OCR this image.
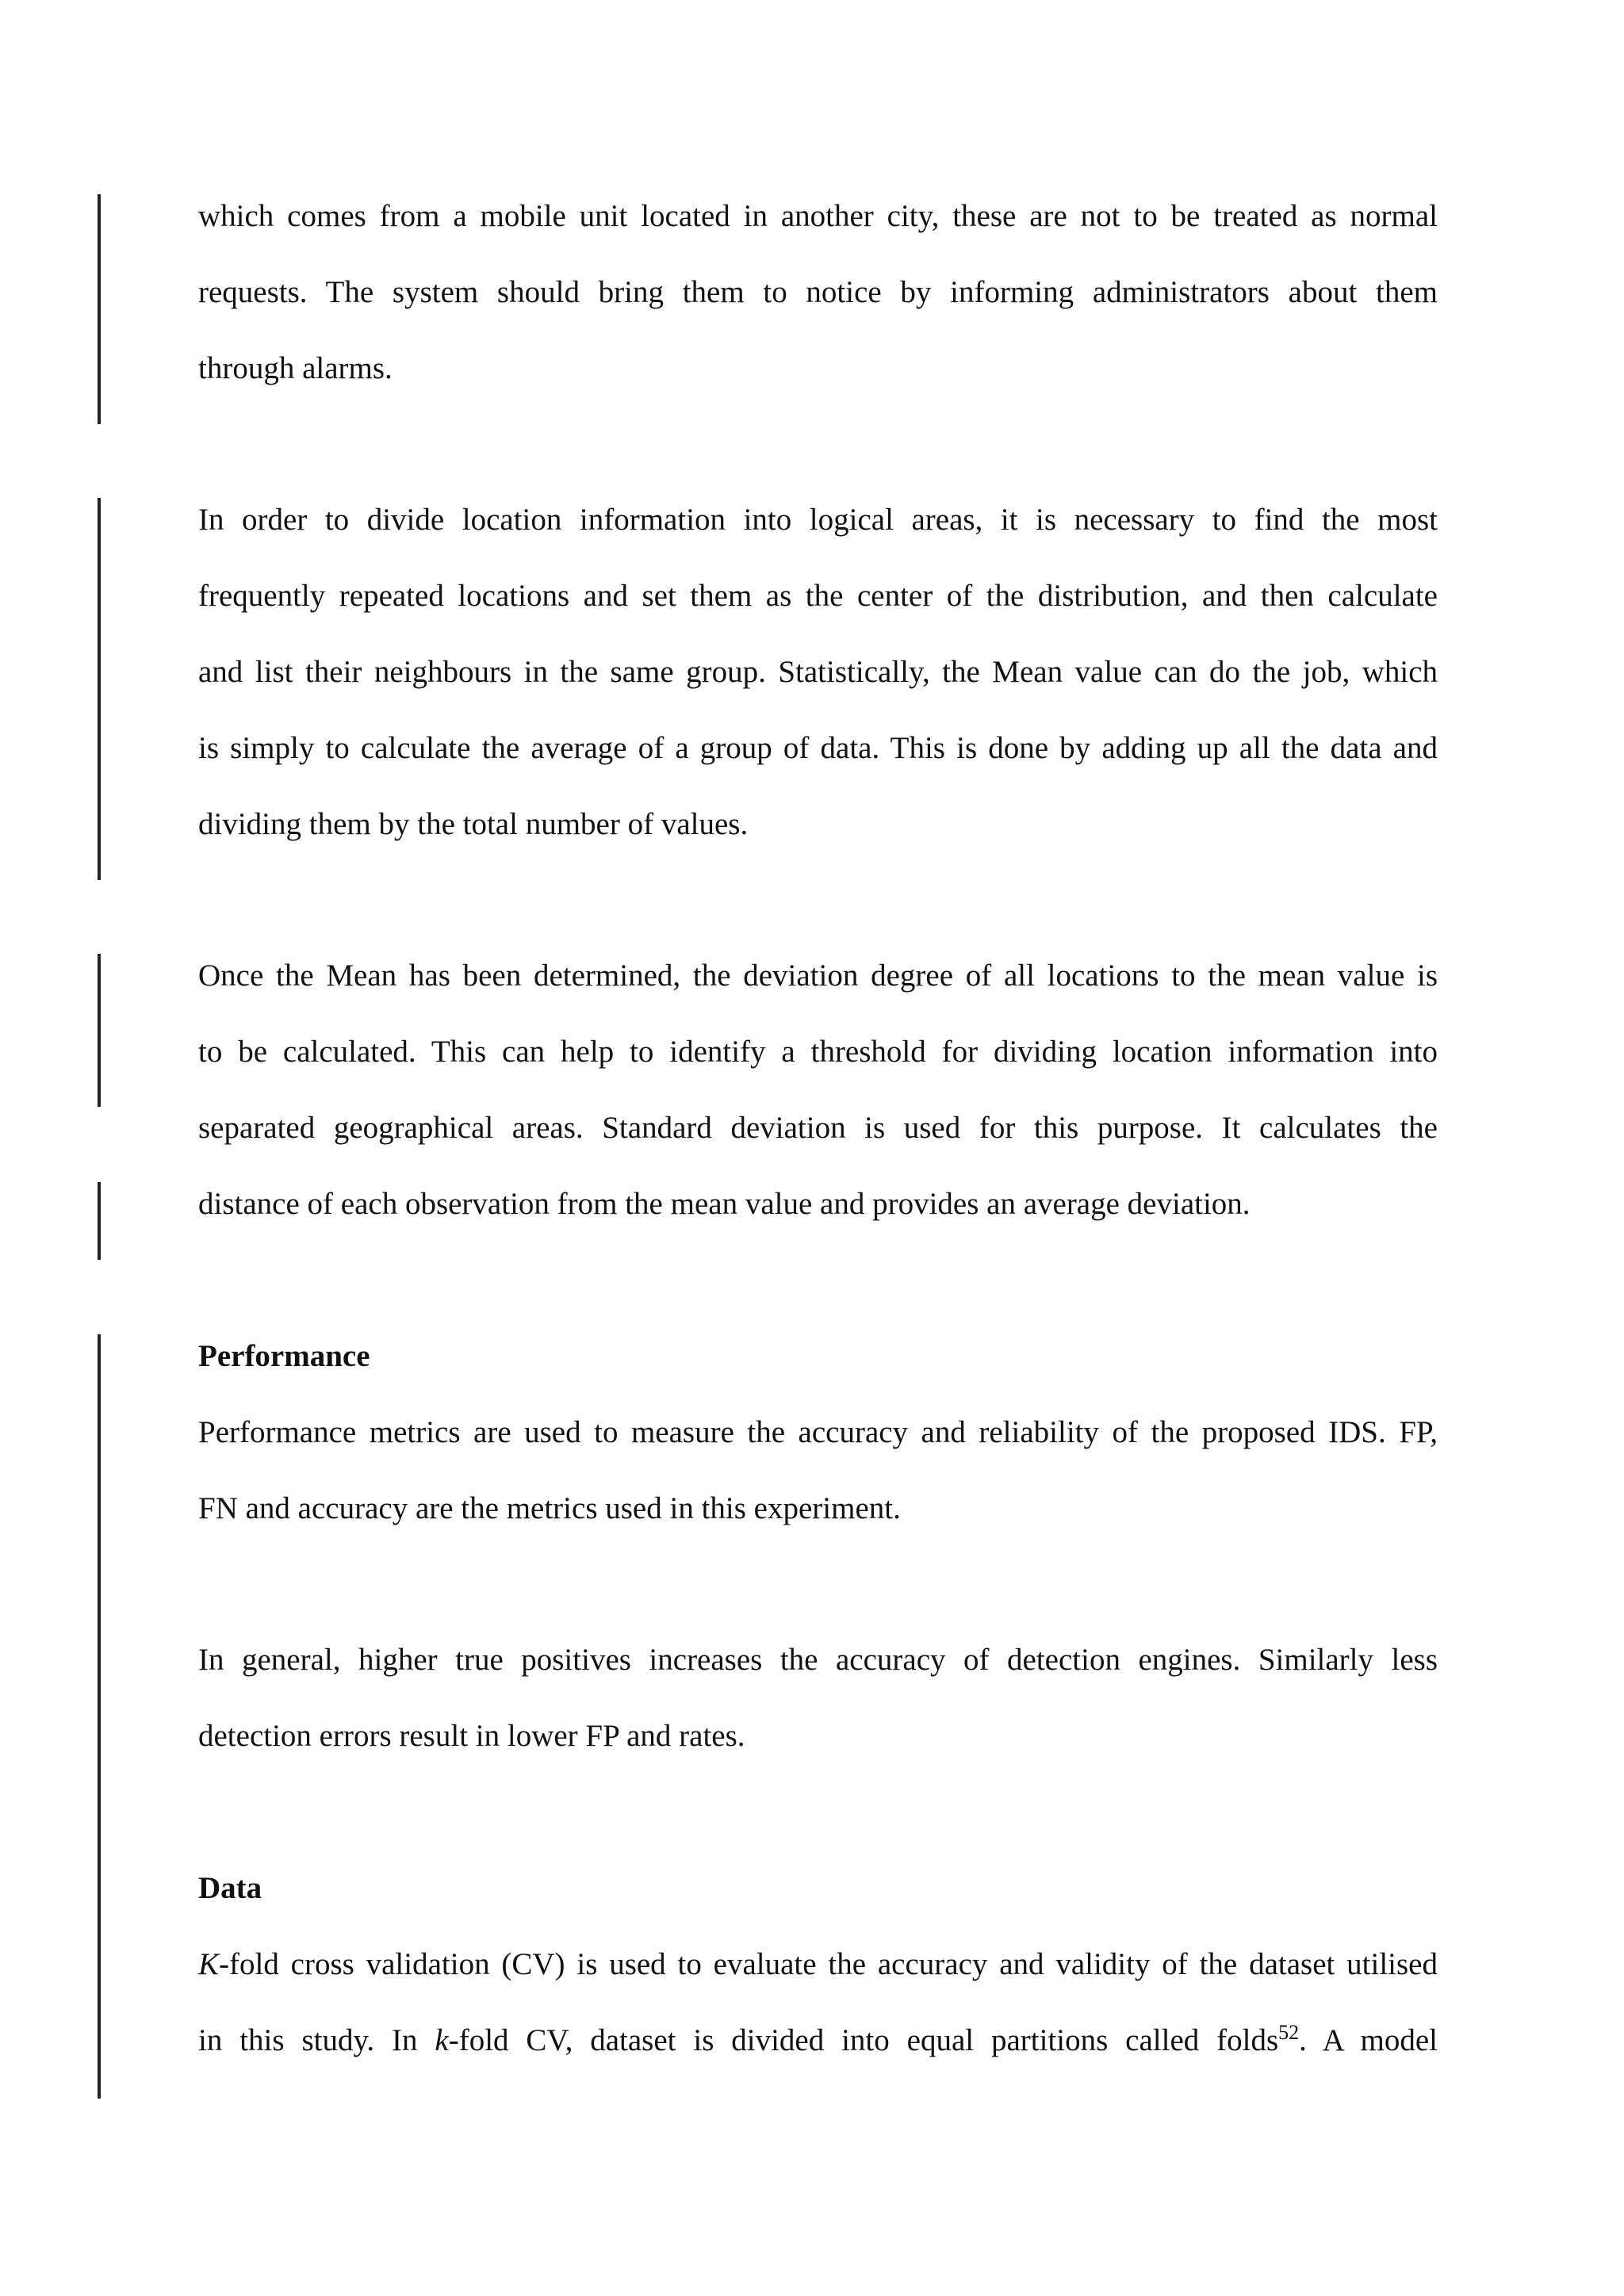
which comes from a mobile unit located in another city, these are not to be treated as normal
requests. The system should bring them to notice by informing administrators about them
through alarms.
In order to divide location information into logical areas, it is necessary to find the most
frequently repeated locations and set them as the center of the distribution, and then calculate
and list their neighbours in the same group. Statistically, the Mean value can do the job, which
is simply to calculate the average of a group of data. This is done by adding up all the data and
dividing them by the total number of values.
Once the Mean has been determined, the deviation degree of all locations to the mean value is
to be calculated. This can help to identify a threshold for dividing location information into
separated geographical areas. Standard deviation is used for this purpose. It calculates the
distance of each observation from the mean value and provides an average deviation.
Performance
Performance metrics are used to measure the accuracy and reliability of the proposed IDS. FP,
FN and accuracy are the metrics used in this experiment.
In general, higher true positives increases the accuracy of detection engines. Similarly less
detection errors result in lower FP and rates.
Data
K-fold cross validation (CV) is used to evaluate the accuracy and validity of the dataset utilised
in this study. In k-fold CV, dataset is divided into equal partitions called folds$^{52}$. A model
